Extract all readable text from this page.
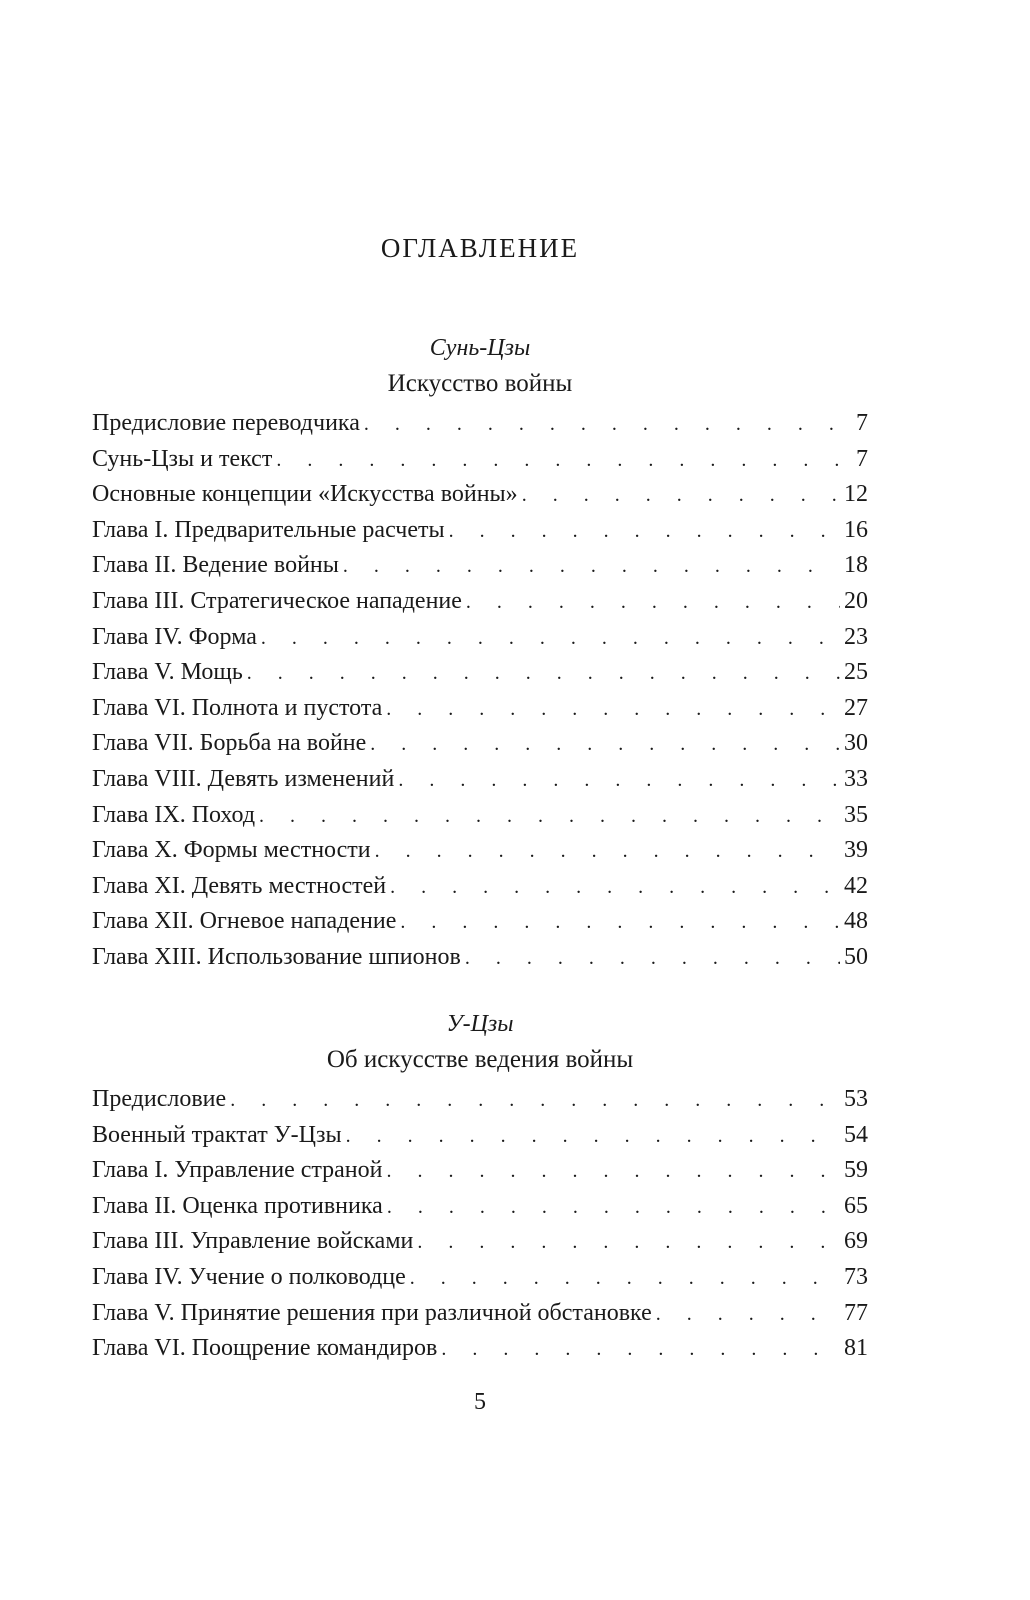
ОГЛАВЛЕНИЕ
Сунь-Цзы
Искусство войны
Предисловие переводчика . . .	7
Сунь-Цзы и текст . . .	7
Основные концепции «Искусства войны» . . .	12
Глава I. Предварительные расчеты . . .	16
Глава II. Ведение войны . . .	18
Глава III. Стратегическое нападение . . .	20
Глава IV. Форма . . .	23
Глава V. Мощь . . .	25
Глава VI. Полнота и пустота . . .	27
Глава VII. Борьба на войне . . .	30
Глава VIII. Девять изменений . . .	33
Глава IX. Поход . . .	35
Глава X. Формы местности . . .	39
Глава XI. Девять местностей . . .	42
Глава XII. Огневое нападение . . .	48
Глава XIII. Использование шпионов . . .	50
У-Цзы
Об искусстве ведения войны
Предисловие . . .	53
Военный трактат У-Цзы . . .	54
Глава I. Управление страной . . .	59
Глава II. Оценка противника . . .	65
Глава III. Управление войсками . . .	69
Глава IV. Учение о полководце . . .	73
Глава V. Принятие решения при различной обстановке . . .	77
Глава VI. Поощрение командиров . . .	81
5
